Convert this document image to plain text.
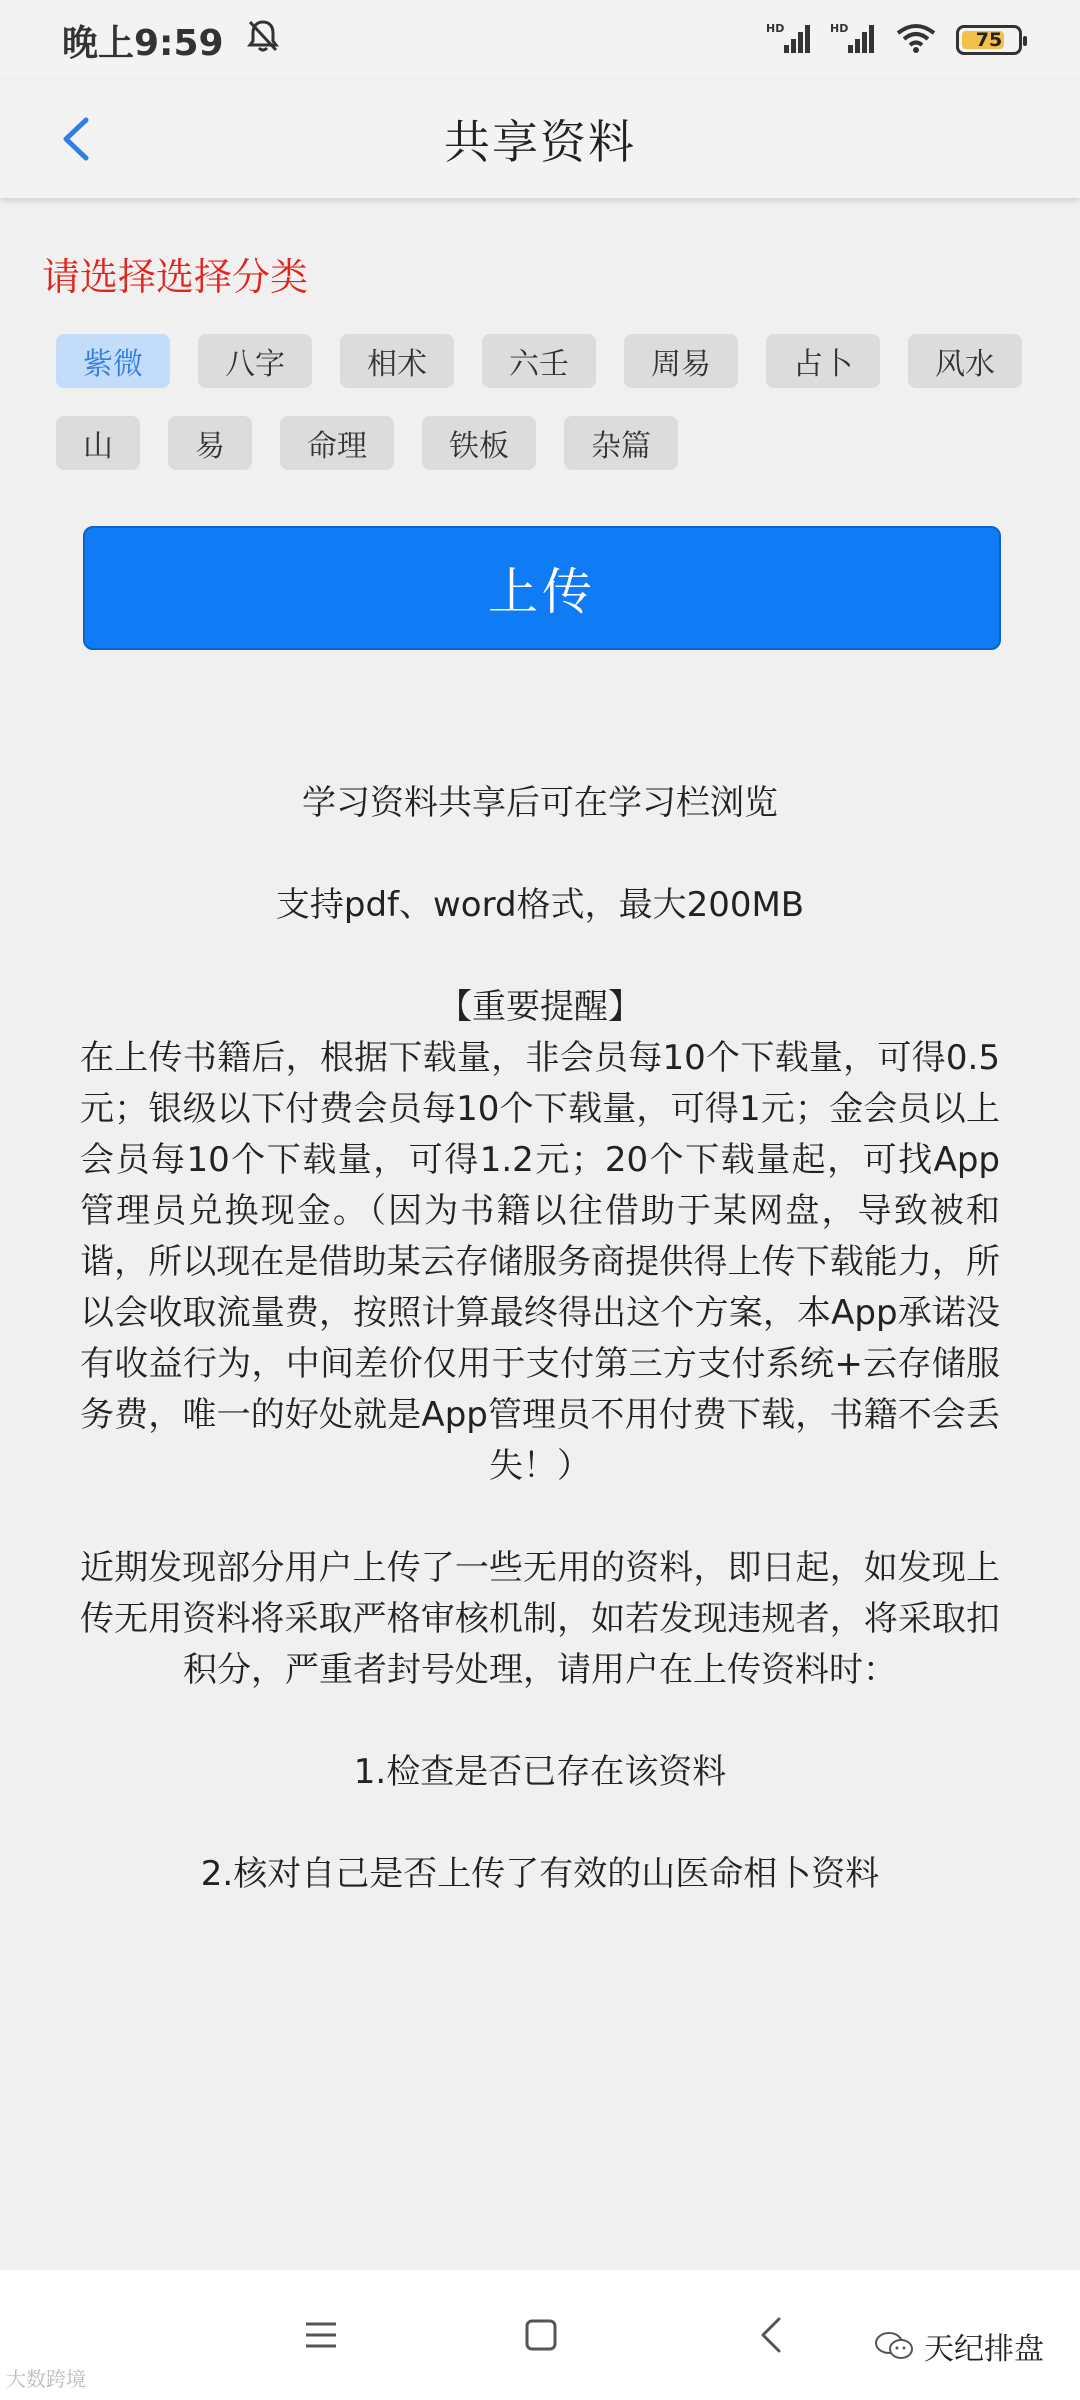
晚上9:59	HD	HD
75
共享资料
请选择选择分类
紫微	八字	相术	六壬	周易	占卜	风水
山	易	命理	铁板	杂篇
上传

学习资料共享后可在学习栏浏览

支持pdf、word格式，最大200MB

【重要提醒】

在上传书籍后，根据下载量，非会员每10个下载量，可得0.5元；银级以下付费会员每10个下载量，可得1元；金会员以上会员每10个下载量，可得1.2元；20个下载量起，可找App管理员兑换现金。（因为书籍以往借助于某网盘，导致被和谐，所以现在是借助某云存储服务商提供得上传下载能力，所以会收取流量费，按照计算最终得出这个方案，本App承诺没有收益行为，中间差价仅用于支付第三方支付系统+云存储服务费，唯一的好处就是App管理员不用付费下载，书籍不会丢失！）

近期发现部分用户上传了一些无用的资料，即日起，如发现上传无用资料将采取严格审核机制，如若发现违规者，将采取扣积分，严重者封号处理，请用户在上传资料时：

1.检查是否已存在该资料

2.核对自己是否上传了有效的山医命相卜资料

天纪排盘
大数跨境
